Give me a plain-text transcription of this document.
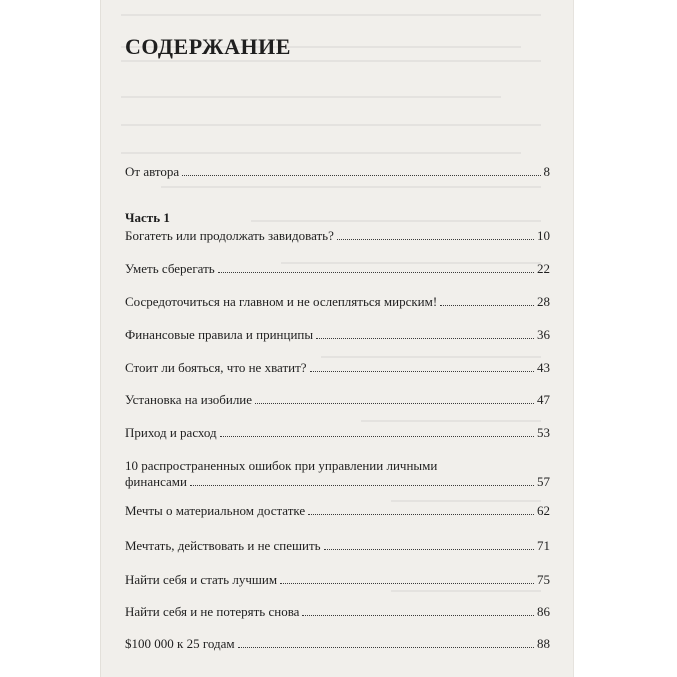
СОДЕРЖАНИЕ
От автора	8
Часть 1
Богатеть или продолжать завидовать?	10
Уметь сберегать	22
Сосредоточиться на главном и не ослепляться мирским!	28
Финансовые правила и принципы	36
Стоит ли бояться, что не хватит?	43
Установка на изобилие	47
Приход и расход	53
10 распространенных ошибок при управлении личными
финансами	57
Мечты о материальном достатке	62
Мечтать, действовать и не спешить	71
Найти себя и стать лучшим	75
Найти себя и не потерять снова	86
$100 000 к 25 годам	88
